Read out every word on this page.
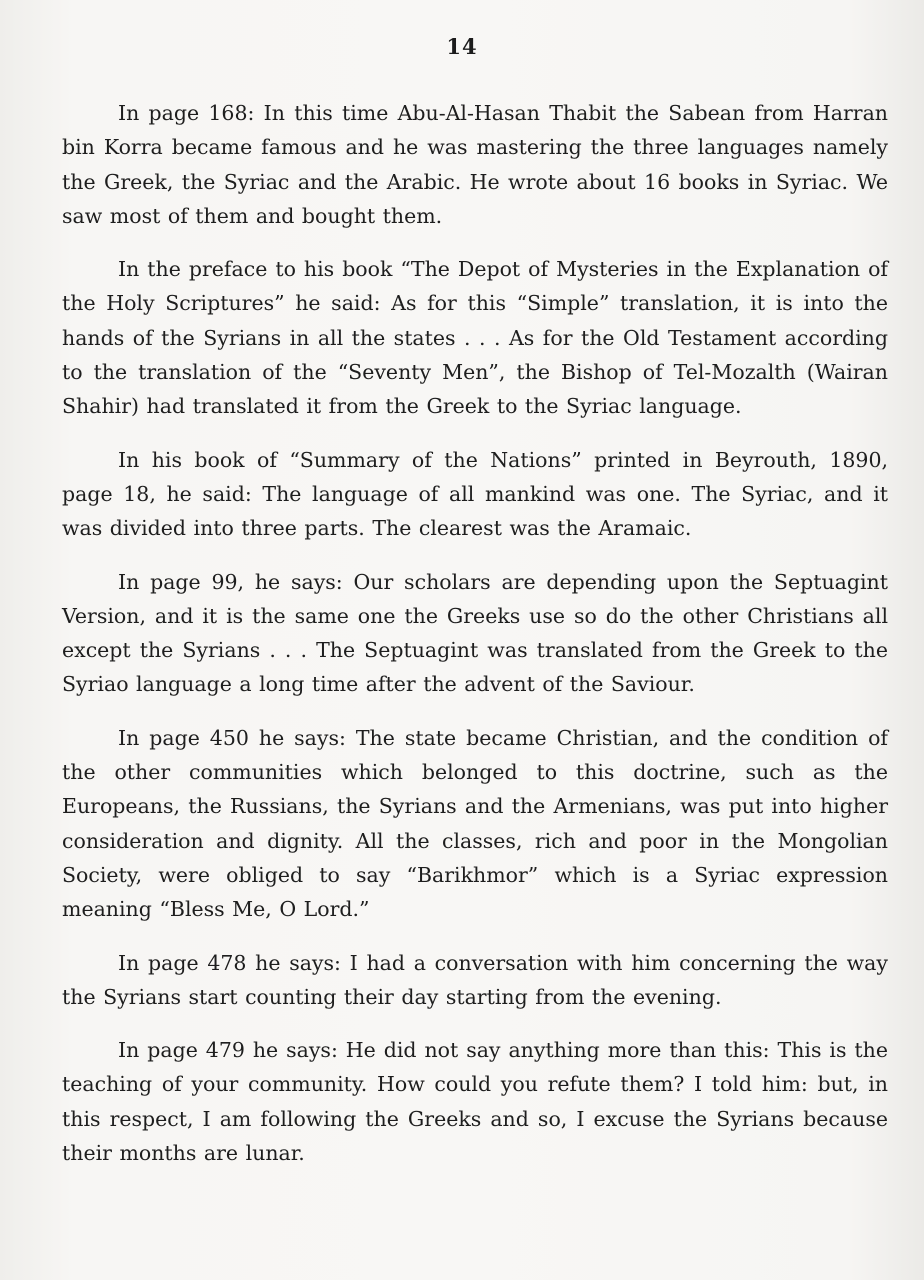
14

In page 168: In this time Abu-Al-Hasan Thabit the Sabean from Harran bin Korra became famous and he was mastering the three languages namely the Greek, the Syriac and the Arabic. He wrote about 16 books in Syriac. We saw most of them and bought them.

In the preface to his book “The Depot of Mysteries in the Explanation of the Holy Scriptures” he said: As for this “Simple” translation, it is into the hands of the Syrians in all the states . . . As for the Old Testament according to the translation of the “Seventy Men”, the Bishop of Tel-Mozalth (Wairan Shahir) had translated it from the Greek to the Syriac language.

In his book of “Summary of the Nations” printed in Beyrouth, 1890, page 18, he said: The language of all mankind was one. The Syriac, and it was divided into three parts. The clearest was the Aramaic.

In page 99, he says: Our scholars are depending upon the Septuagint Version, and it is the same one the Greeks use so do the other Christians all except the Syrians . . . The Septuagint was translated from the Greek to the Syriao language a long time after the advent of the Saviour.

In page 450 he says: The state became Christian, and the condition of the other communities which belonged to this doctrine, such as the Europeans, the Russians, the Syrians and the Armenians, was put into higher consideration and dignity. All the classes, rich and poor in the Mongolian Society, were obliged to say “Barikhmor” which is a Syriac expression meaning “Bless Me, O Lord.”

In page 478 he says: I had a conversation with him concerning the way the Syrians start counting their day starting from the evening.

In page 479 he says: He did not say anything more than this: This is the teaching of your community. How could you refute them? I told him: but, in this respect, I am following the Greeks and so, I excuse the Syrians because their months are lunar.
